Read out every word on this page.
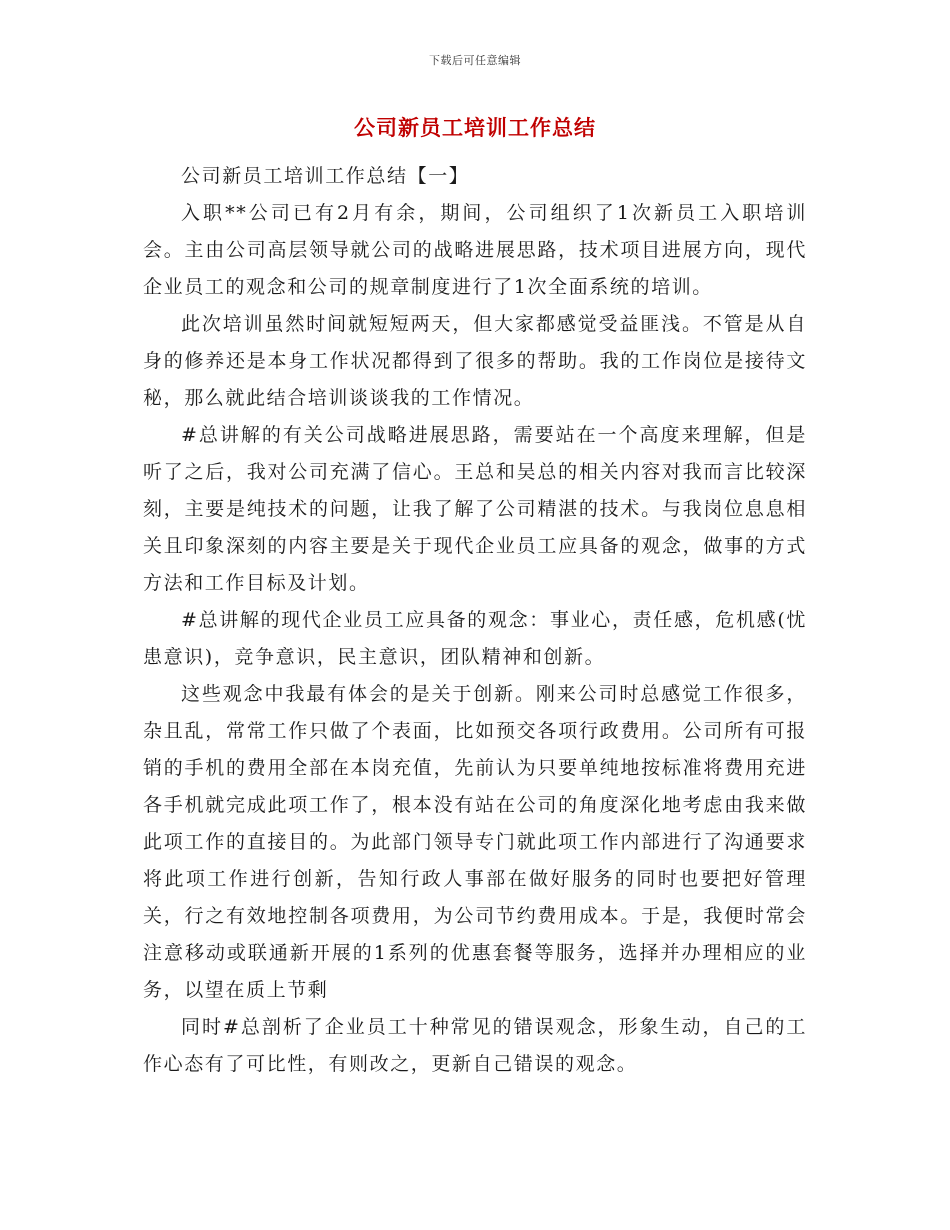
下载后可任意编辑
公司新员工培训工作总结

公司新员工培训工作总结【一】

入职**公司已有2月有余，期间，公司组织了1次新员工入职培训会。主由公司高层领导就公司的战略进展思路，技术项目进展方向，现代企业员工的观念和公司的规章制度进行了1次全面系统的培训。

此次培训虽然时间就短短两天，但大家都感觉受益匪浅。不管是从自身的修养还是本身工作状况都得到了很多的帮助。我的工作岗位是接待文秘，那么就此结合培训谈谈我的工作情况。

#总讲解的有关公司战略进展思路，需要站在一个高度来理解，但是听了之后，我对公司充满了信心。王总和吴总的相关内容对我而言比较深刻，主要是纯技术的问题，让我了解了公司精湛的技术。与我岗位息息相关且印象深刻的内容主要是关于现代企业员工应具备的观念，做事的方式方法和工作目标及计划。

#总讲解的现代企业员工应具备的观念：事业心，责任感，危机感(忧患意识)，竞争意识，民主意识，团队精神和创新。

这些观念中我最有体会的是关于创新。刚来公司时总感觉工作很多，杂且乱，常常工作只做了个表面，比如预交各项行政费用。公司所有可报销的手机的费用全部在本岗充值，先前认为只要单纯地按标准将费用充进各手机就完成此项工作了，根本没有站在公司的角度深化地考虑由我来做此项工作的直接目的。为此部门领导专门就此项工作内部进行了沟通要求将此项工作进行创新，告知行政人事部在做好服务的同时也要把好管理关，行之有效地控制各项费用，为公司节约费用成本。于是，我便时常会注意移动或联通新开展的1系列的优惠套餐等服务，选择并办理相应的业务，以望在质上节剩

同时#总剖析了企业员工十种常见的错误观念，形象生动，自己的工作心态有了可比性，有则改之，更新自己错误的观念。
